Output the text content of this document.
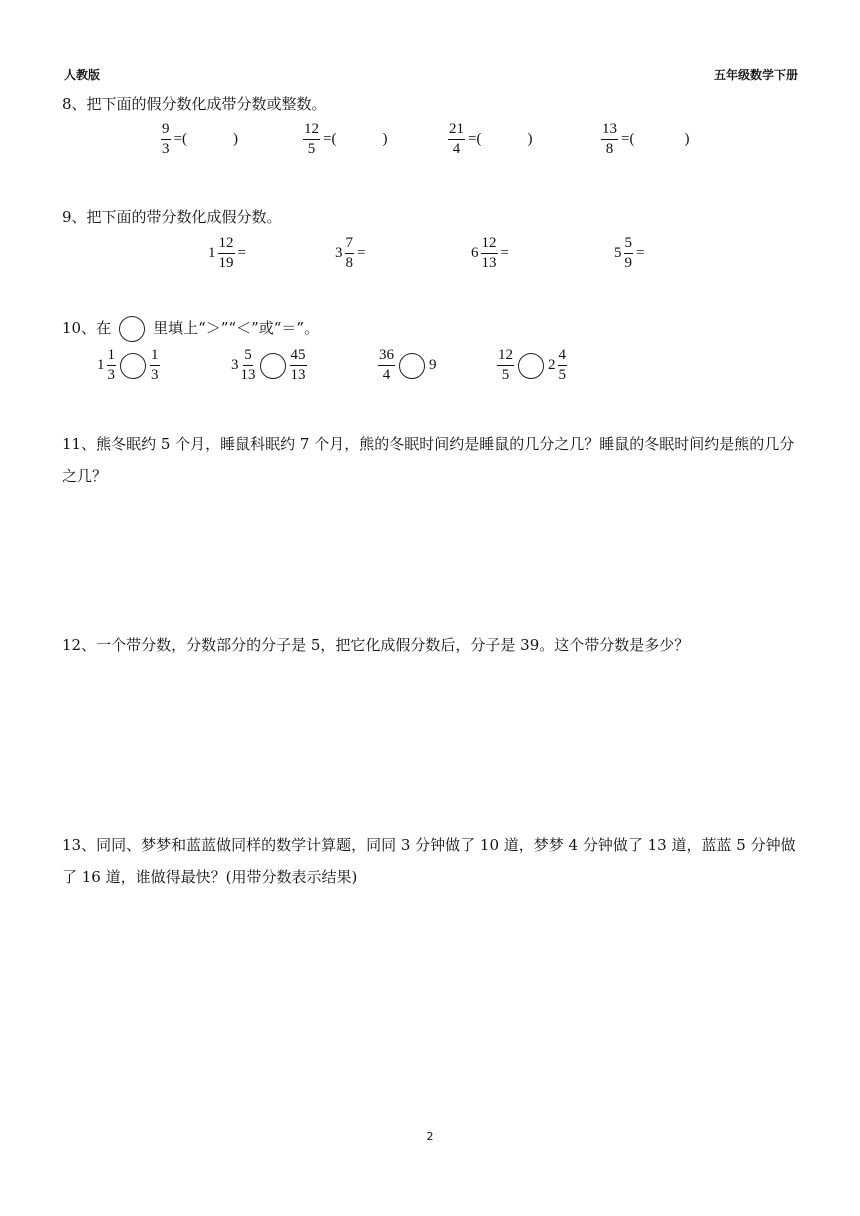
人教版	五年级数学下册
8、把下面的假分数化成带分数或整数。
$\frac{9}{3}$ = (	)	$\frac{12}{5}$ = (	)	$\frac{21}{4}$ = (	)	$\frac{13}{8}$ = (	)
9、把下面的带分数化成假分数。
$1 \frac{12}{19}$ =	$3 \frac{7}{8}$ =	$6 \frac{12}{13}$ =	$5 \frac{5}{9}$ =
10、在	里填上“＞”“＜”或“＝”。
$1 \frac{1}{3} \frac{1}{3}$	$3 \frac{5}{13} \frac{45}{13}$	$\frac{36}{4} 9$	$\frac{12}{5} 2 \frac{4}{5}$
11、熊冬眠约 5 个月，睡鼠科眠约 7 个月，熊的冬眠时间约是睡鼠的几分之几？睡鼠的冬眠时间约是熊的几分之几？
12、一个带分数，分数部分的分子是 5，把它化成假分数后，分子是 39。这个带分数是多少？
13、同同、梦梦和蓝蓝做同样的数学计算题，同同 3 分钟做了 10 道，梦梦 4 分钟做了 13 道，蓝蓝 5 分钟做了 16 道，谁做得最快？(用带分数表示结果)
2
